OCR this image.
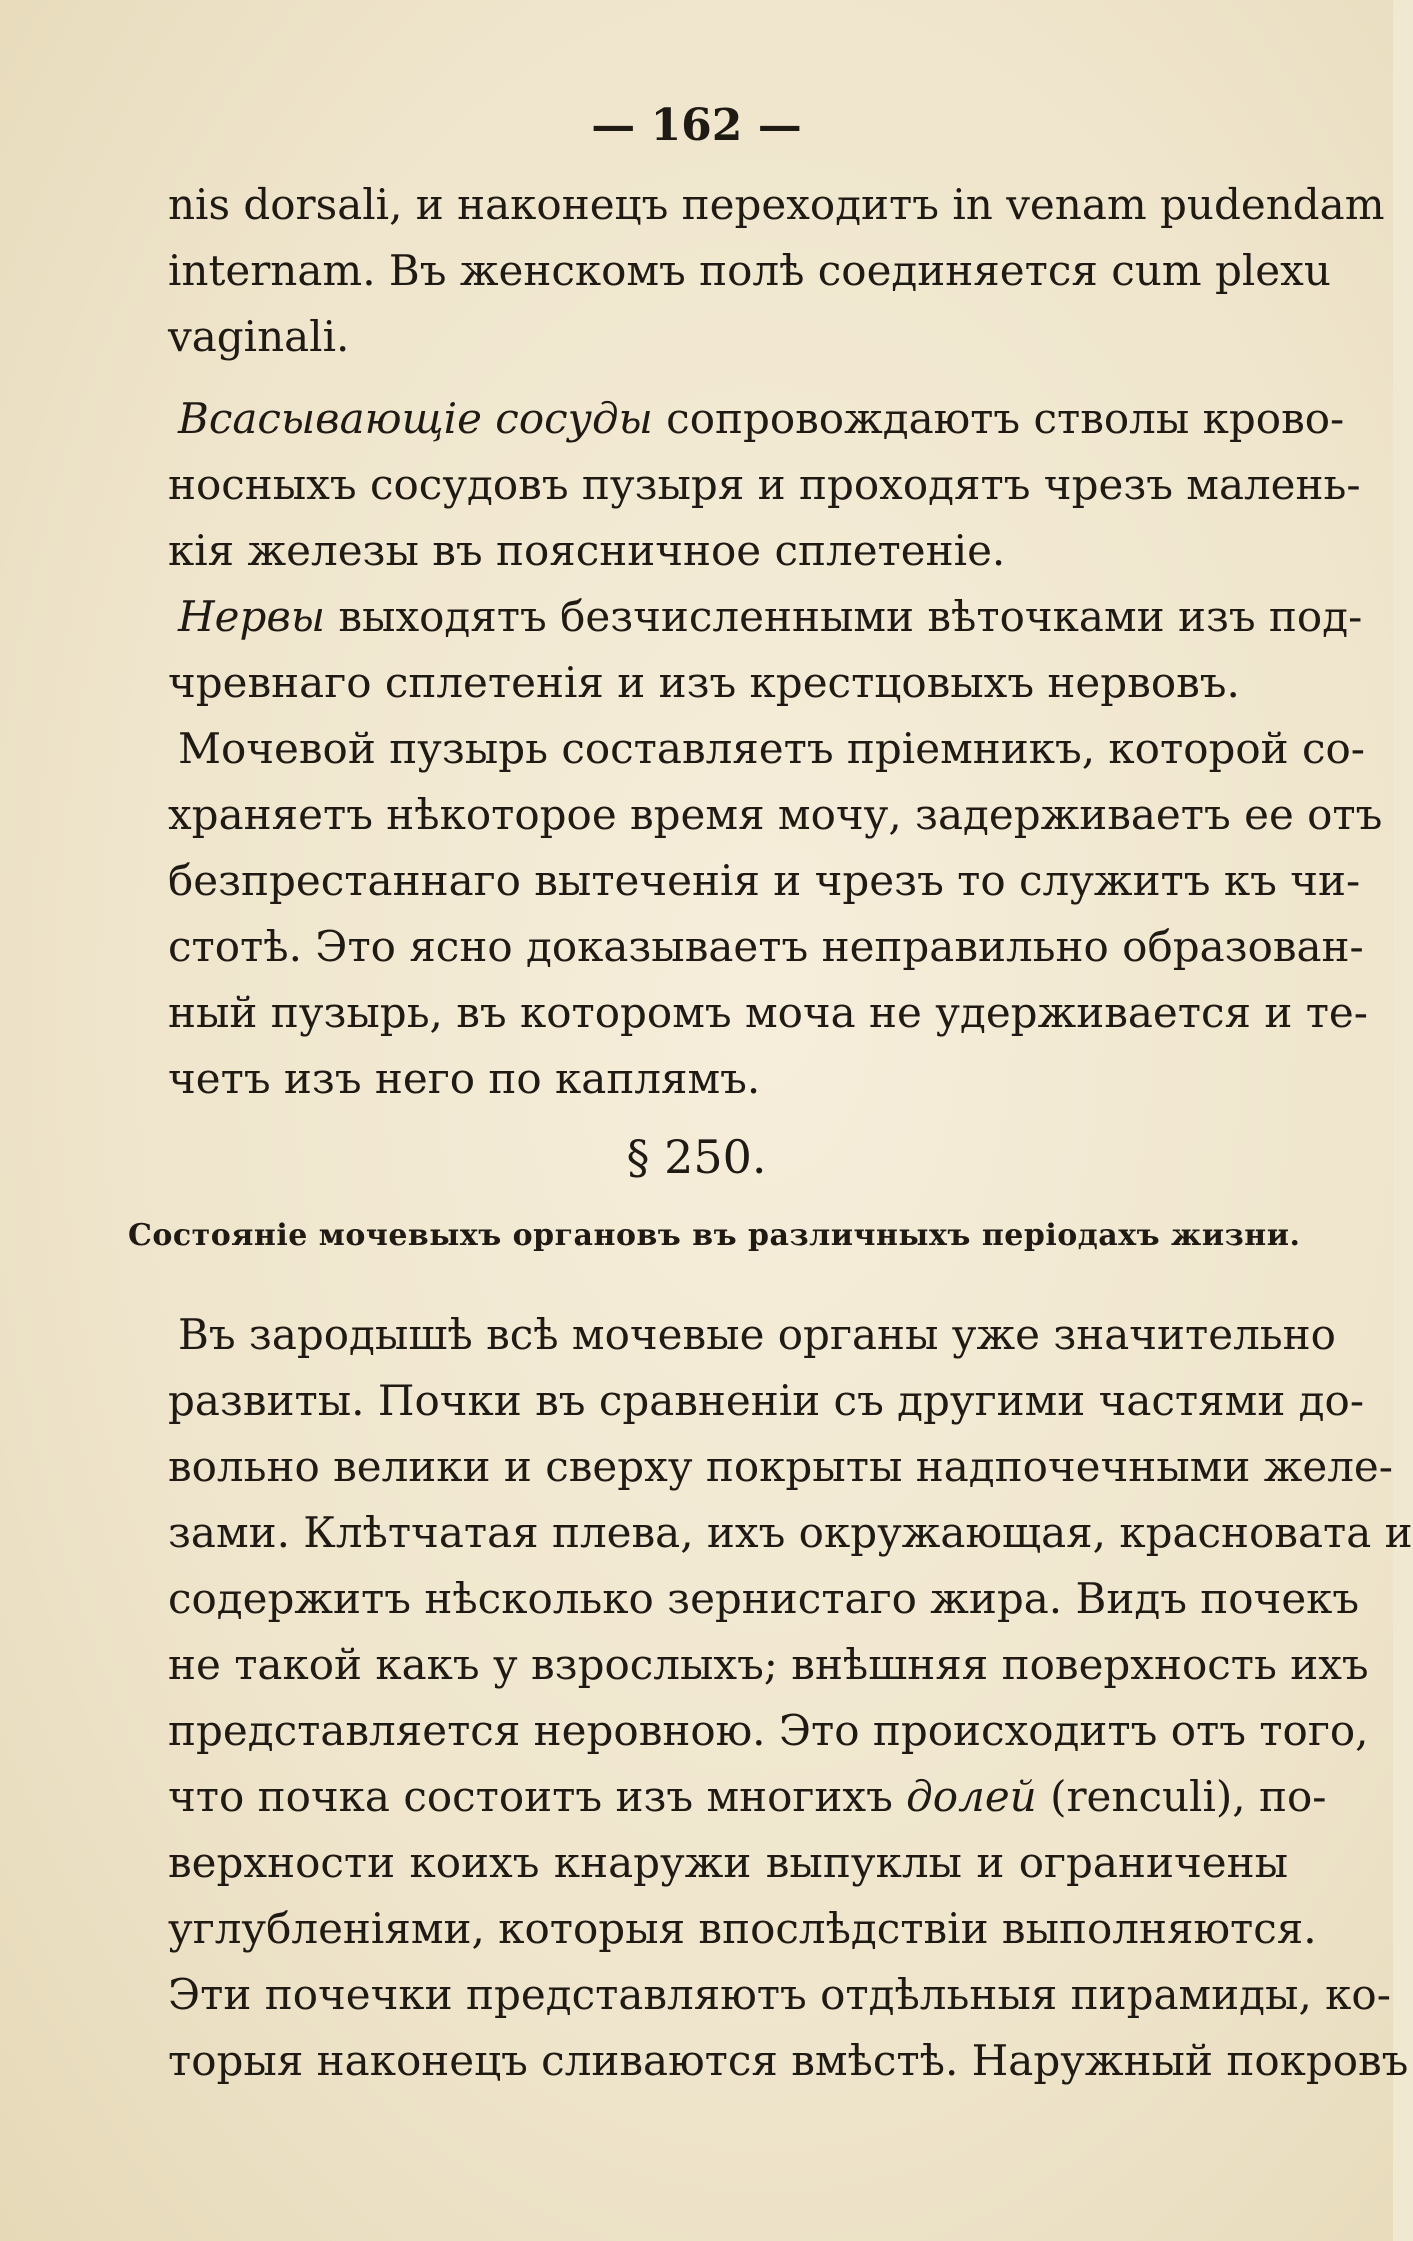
— 162 —
nis dorsali, и наконецъ переходитъ in venam pudendam
internam. Въ женскомъ полѣ соединяется cum plexu
vaginali.
Всасывающіе сосуды сопровождаютъ стволы крово-
носныхъ сосудовъ пузыря и проходятъ чрезъ малень-
кія железы въ поясничное сплетеніе.
Нервы выходятъ безчисленными вѣточками изъ под-
чревнаго сплетенія и изъ крестцовыхъ нервовъ.
Мочевой пузырь составляетъ пріемникъ, которой со-
храняетъ нѣкоторое время мочу, задерживаетъ ее отъ
безпрестаннаго вытеченія и чрезъ то служитъ къ чи-
стотѣ. Это ясно доказываетъ неправильно образован-
ный пузырь, въ которомъ моча не удерживается и те-
четъ изъ него по каплямъ.
§ 250.
Состояніе мочевыхъ органовъ въ различныхъ періодахъ жизни.
Въ зародышѣ всѣ мочевые органы уже значительно
развиты. Почки въ сравненіи съ другими частями до-
вольно велики и сверху покрыты надпочечными желе-
зами. Клѣтчатая плева, ихъ окружающая, красновата и
содержитъ нѣсколько зернистаго жира. Видъ почекъ
не такой какъ у взрослыхъ; внѣшняя поверхность ихъ
представляется неровною. Это происходитъ отъ того,
что почка состоитъ изъ многихъ долей (renculi), по-
верхности коихъ кнаружи выпуклы и ограничены
углубленіями, которыя впослѣдствіи выполняются.
Эти почечки представляютъ отдѣльныя пирамиды, ко-
торыя наконецъ сливаются вмѣстѣ. Наружный покровъ
